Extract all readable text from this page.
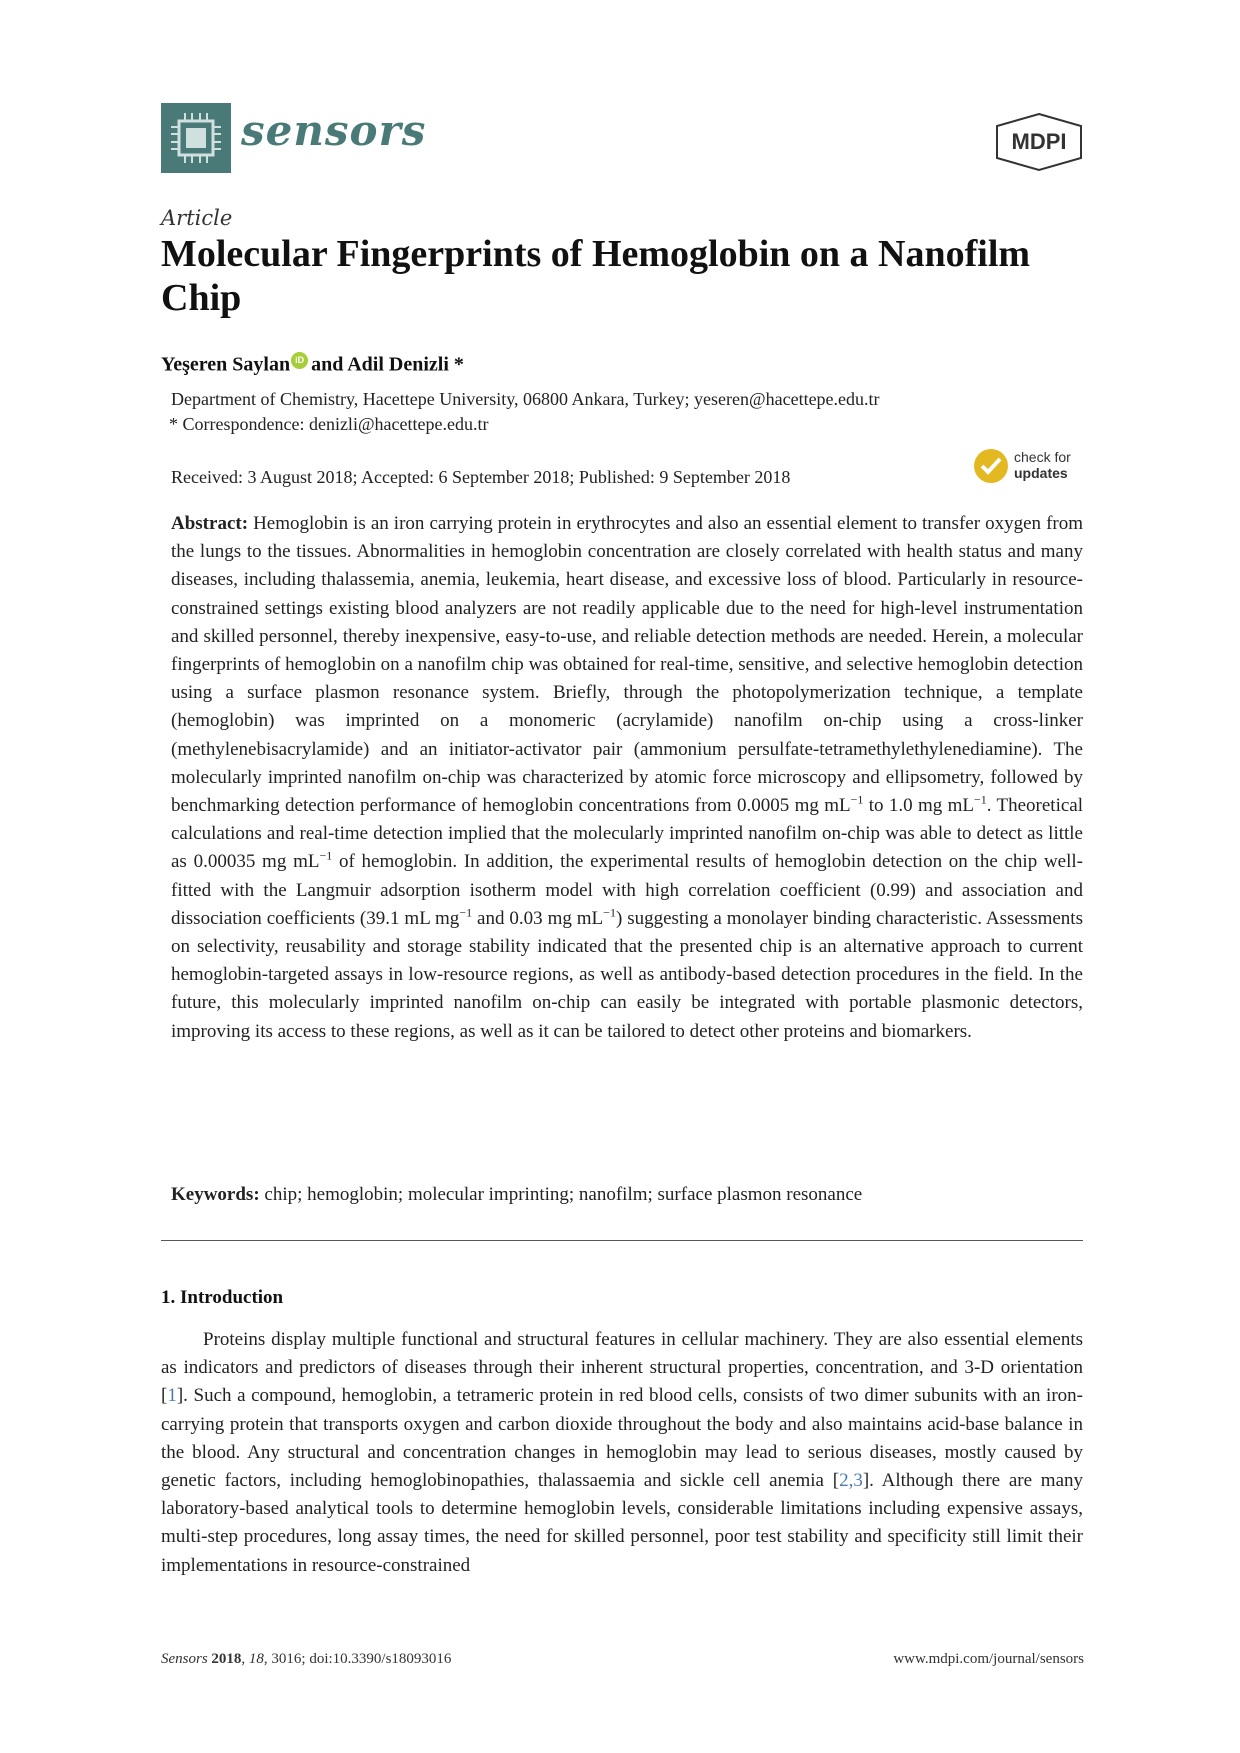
sensors	MDPI
Article
Molecular Fingerprints of Hemoglobin on a Nanofilm Chip
Yeşeren Saylan iD and Adil Denizli *
Department of Chemistry, Hacettepe University, 06800 Ankara, Turkey; yeseren@hacettepe.edu.tr
* Correspondence: denizli@hacettepe.edu.tr
Received: 3 August 2018; Accepted: 6 September 2018; Published: 9 September 2018
check for
updates
Abstract: Hemoglobin is an iron carrying protein in erythrocytes and also an essential element to transfer oxygen from the lungs to the tissues. Abnormalities in hemoglobin concentration are closely correlated with health status and many diseases, including thalassemia, anemia, leukemia, heart disease, and excessive loss of blood. Particularly in resource-constrained settings existing blood analyzers are not readily applicable due to the need for high-level instrumentation and skilled personnel, thereby inexpensive, easy-to-use, and reliable detection methods are needed. Herein, a molecular fingerprints of hemoglobin on a nanofilm chip was obtained for real-time, sensitive, and selective hemoglobin detection using a surface plasmon resonance system. Briefly, through the photopolymerization technique, a template (hemoglobin) was imprinted on a monomeric (acrylamide) nanofilm on-chip using a cross-linker (methylenebisacrylamide) and an initiator-activator pair (ammonium persulfate-tetramethylethylenediamine). The molecularly imprinted nanofilm on-chip was characterized by atomic force microscopy and ellipsometry, followed by benchmarking detection performance of hemoglobin concentrations from 0.0005 mg $mL^{-1}$ to 1.0 mg $mL^{-1}$. Theoretical calculations and real-time detection implied that the molecularly imprinted nanofilm on-chip was able to detect as little as 0.00035 mg $mL^{-1}$ of hemoglobin. In addition, the experimental results of hemoglobin detection on the chip well-fitted with the Langmuir adsorption isotherm model with high correlation coefficient (0.99) and association and dissociation coefficients (39.1 mL $mg^{-1}$ and 0.03 mg $mL^{-1}$) suggesting a monolayer binding characteristic. Assessments on selectivity, reusability and storage stability indicated that the presented chip is an alternative approach to current hemoglobin-targeted assays in low-resource regions, as well as antibody-based detection procedures in the field. In the future, this molecularly imprinted nanofilm on-chip can easily be integrated with portable plasmonic detectors, improving its access to these regions, as well as it can be tailored to detect other proteins and biomarkers.
Keywords: chip; hemoglobin; molecular imprinting; nanofilm; surface plasmon resonance
1. Introduction
Proteins display multiple functional and structural features in cellular machinery. They are also essential elements as indicators and predictors of diseases through their inherent structural properties, concentration, and 3-D orientation [1]. Such a compound, hemoglobin, a tetrameric protein in red blood cells, consists of two dimer subunits with an iron-carrying protein that transports oxygen and carbon dioxide throughout the body and also maintains acid-base balance in the blood. Any structural and concentration changes in hemoglobin may lead to serious diseases, mostly caused by genetic factors, including hemoglobinopathies, thalassaemia and sickle cell anemia [2,3]. Although there are many laboratory-based analytical tools to determine hemoglobin levels, considerable limitations including expensive assays, multi-step procedures, long assay times, the need for skilled personnel, poor test stability and specificity still limit their implementations in resource-constrained
Sensors 2018, 18, 3016; doi:10.3390/s18093016	www.mdpi.com/journal/sensors
